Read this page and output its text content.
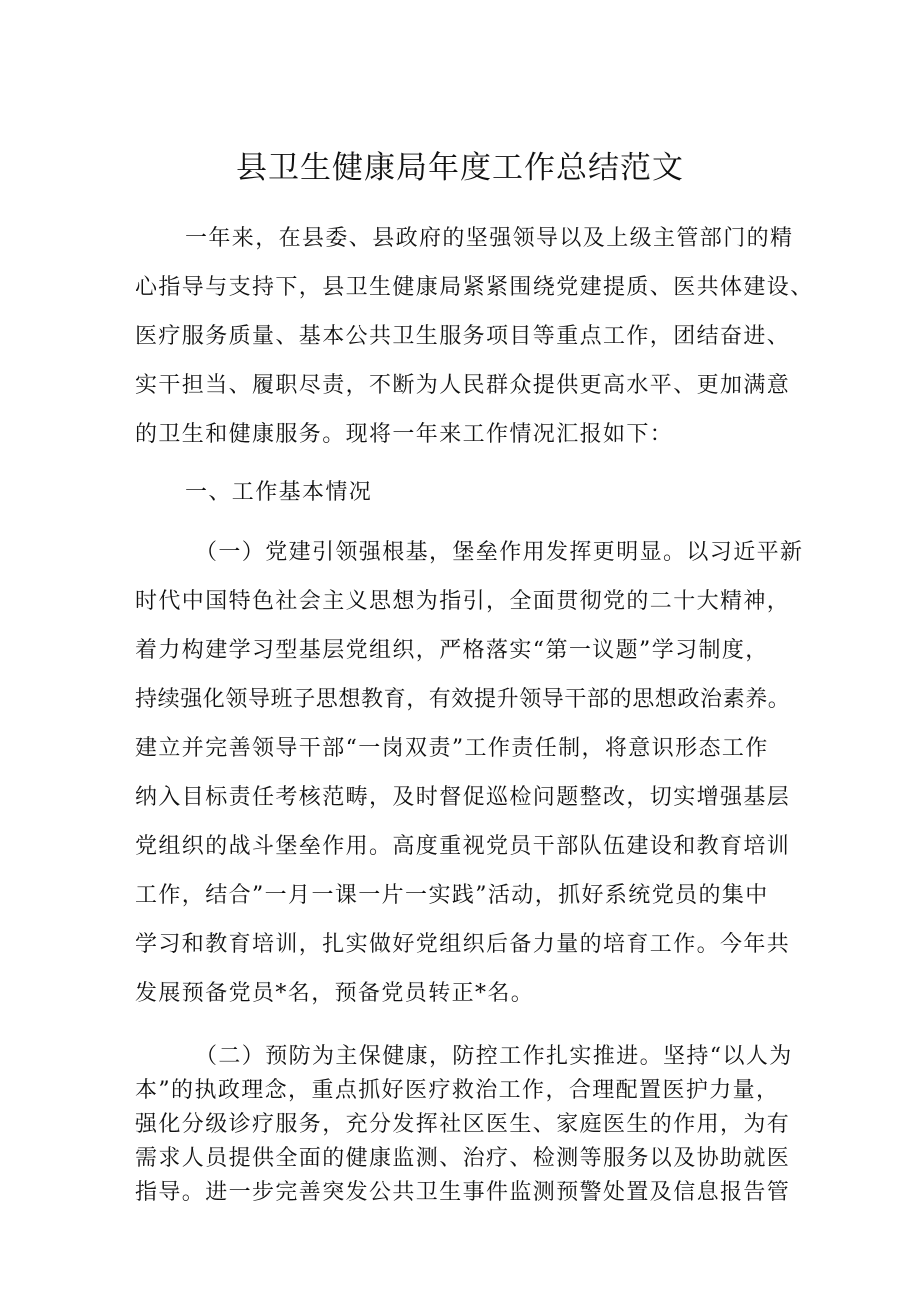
县卫生健康局年度工作总结范文
一年来，在县委、县政府的坚强领导以及上级主管部门的精
心指导与支持下，县卫生健康局紧紧围绕党建提质、医共体建设、
医疗服务质量、基本公共卫生服务项目等重点工作，团结奋进、
实干担当、履职尽责，不断为人民群众提供更高水平、更加满意
的卫生和健康服务。现将一年来工作情况汇报如下：
一、工作基本情况
（一）党建引领强根基，堡垒作用发挥更明显。以习近平新
时代中国特色社会主义思想为指引，全面贯彻党的二十大精神，
着力构建学习型基层党组织，严格落实“第一议题”学习制度，
持续强化领导班子思想教育，有效提升领导干部的思想政治素养。
建立并完善领导干部“一岗双责”工作责任制，将意识形态工作
纳入目标责任考核范畴，及时督促巡检问题整改，切实增强基层
党组织的战斗堡垒作用。高度重视党员干部队伍建设和教育培训
工作，结合”一月一课一片一实践”活动，抓好系统党员的集中
学习和教育培训，扎实做好党组织后备力量的培育工作。今年共
发展预备党员*名，预备党员转正*名。
（二）预防为主保健康，防控工作扎实推进。坚持“以人为
本”的执政理念，重点抓好医疗救治工作，合理配置医护力量，
强化分级诊疗服务，充分发挥社区医生、家庭医生的作用，为有
需求人员提供全面的健康监测、治疗、检测等服务以及协助就医
指导。进一步完善突发公共卫生事件监测预警处置及信息报告管
